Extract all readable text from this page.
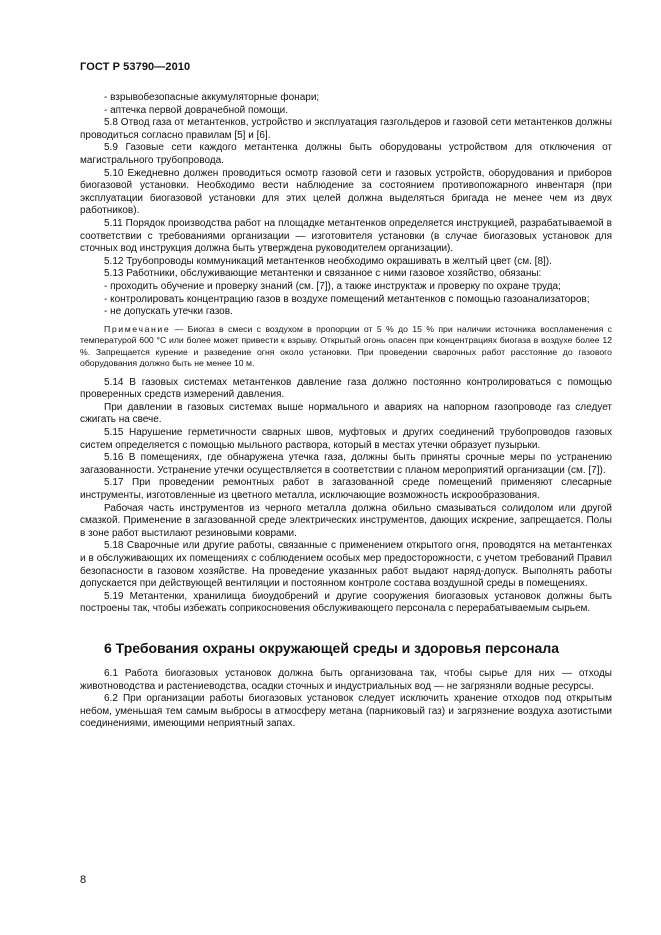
ГОСТ Р 53790—2010

- взрывобезопасные аккумуляторные фонари;

- аптечка первой доврачебной помощи.

5.8 Отвод газа от метантенков, устройство и эксплуатация газгольдеров и газовой сети метантенков должны проводиться согласно правилам [5] и [6].

5.9 Газовые сети каждого метантенка должны быть оборудованы устройством для отключения от магистрального трубопровода.

5.10 Ежедневно должен проводиться осмотр газовой сети и газовых устройств, оборудования и приборов биогазовой установки. Необходимо вести наблюдение за состоянием противопожарного инвентаря (при эксплуатации биогазовой установки для этих целей должна выделяться бригада не менее чем из двух работников).

5.11 Порядок производства работ на площадке метантенков определяется инструкцией, разрабатываемой в соответствии с требованиями организации — изготовителя установки (в случае биогазовых установок для сточных вод инструкция должна быть утверждена руководителем организации).

5.12 Трубопроводы коммуникаций метантенков необходимо окрашивать в желтый цвет (см. [8]).

5.13 Работники, обслуживающие метантенки и связанное с ними газовое хозяйство, обязаны:

- проходить обучение и проверку знаний (см. [7]), а также инструктаж и проверку по охране труда;

- контролировать концентрацию газов в воздухе помещений метантенков с помощью газоанализаторов;

- не допускать утечки газов.

Примечание — Биогаз в смеси с воздухом в пропорции от 5 % до 15 % при наличии источника воспламенения с температурой 600 °С или более может привести к взрыву. Открытый огонь опасен при концентрациях биогаза в воздухе более 12 %. Запрещается курение и разведение огня около установки. При проведении сварочных работ расстояние до газового оборудования должно быть не менее 10 м.

5.14 В газовых системах метантенков давление газа должно постоянно контролироваться с помощью проверенных средств измерений давления.

При давлении в газовых системах выше нормального и авариях на напорном газопроводе газ следует сжигать на свече.

5.15 Нарушение герметичности сварных швов, муфтовых и других соединений трубопроводов газовых систем определяется с помощью мыльного раствора, который в местах утечки образует пузырьки.

5.16 В помещениях, где обнаружена утечка газа, должны быть приняты срочные меры по устранению загазованности. Устранение утечки осуществляется в соответствии с планом мероприятий организации (см. [7]).

5.17 При проведении ремонтных работ в загазованной среде помещений применяют слесарные инструменты, изготовленные из цветного металла, исключающие возможность искрообразования.

Рабочая часть инструментов из черного металла должна обильно смазываться солидолом или другой смазкой. Применение в загазованной среде электрических инструментов, дающих искрение, запрещается. Полы в зоне работ выстилают резиновыми коврами.

5.18 Сварочные или другие работы, связанные с применением открытого огня, проводятся на метантенках и в обслуживающих их помещениях с соблюдением особых мер предосторожности, с учетом требований Правил безопасности в газовом хозяйстве. На проведение указанных работ выдают наряд-допуск. Выполнять работы допускается при действующей вентиляции и постоянном контроле состава воздушной среды в помещениях.

5.19 Метантенки, хранилища биоудобрений и другие сооружения биогазовых установок должны быть построены так, чтобы избежать соприкосновения обслуживающего персонала с перерабатываемым сырьем.

6 Требования охраны окружающей среды и здоровья персонала

6.1 Работа биогазовых установок должна быть организована так, чтобы сырье для них — отходы животноводства и растениеводства, осадки сточных и индустриальных вод — не загрязняли водные ресурсы.

6.2 При организации работы биогазовых установок следует исключить хранение отходов под открытым небом, уменьшая тем самым выбросы в атмосферу метана (парниковый газ) и загрязнение воздуха азотистыми соединениями, имеющими неприятный запах.

8
